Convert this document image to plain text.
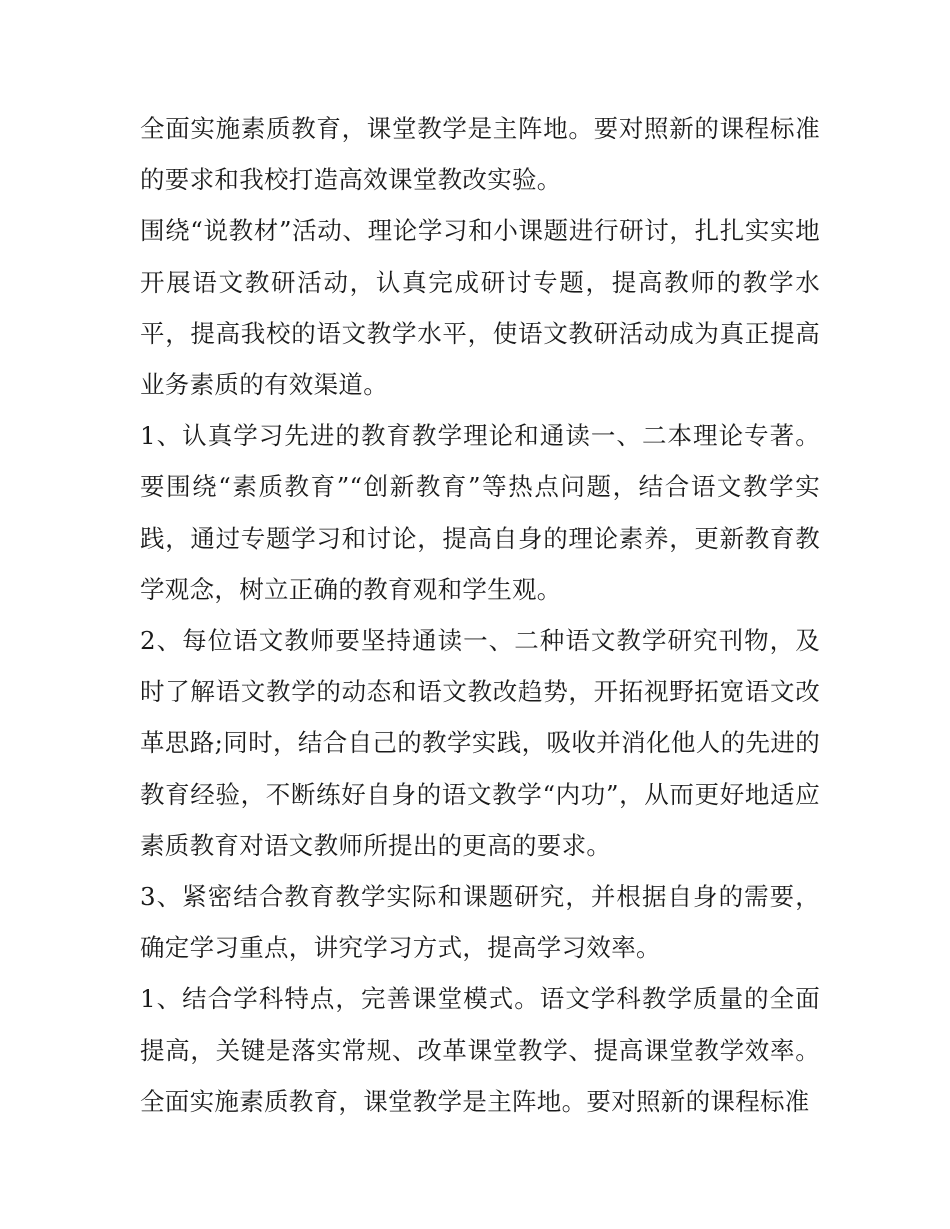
全面实施素质教育，课堂教学是主阵地。要对照新的课程标准的要求和我校打造高效课堂教改实验。

围绕“说教材”活动、理论学习和小课题进行研讨，扎扎实实地开展语文教研活动，认真完成研讨专题，提高教师的教学水平，提高我校的语文教学水平，使语文教研活动成为真正提高业务素质的有效渠道。

1、认真学习先进的教育教学理论和通读一、二本理论专著。要围绕“素质教育”“创新教育”等热点问题，结合语文教学实践，通过专题学习和讨论，提高自身的理论素养，更新教育教学观念，树立正确的教育观和学生观。

2、每位语文教师要坚持通读一、二种语文教学研究刊物，及时了解语文教学的动态和语文教改趋势，开拓视野拓宽语文改革思路;同时，结合自己的教学实践，吸收并消化他人的先进的教育经验，不断练好自身的语文教学“内功”，从而更好地适应素质教育对语文教师所提出的更高的要求。

3、紧密结合教育教学实际和课题研究，并根据自身的需要，确定学习重点，讲究学习方式，提高学习效率。

1、结合学科特点，完善课堂模式。语文学科教学质量的全面提高，关键是落实常规、改革课堂教学、提高课堂教学效率。全面实施素质教育，课堂教学是主阵地。要对照新的课程标准
